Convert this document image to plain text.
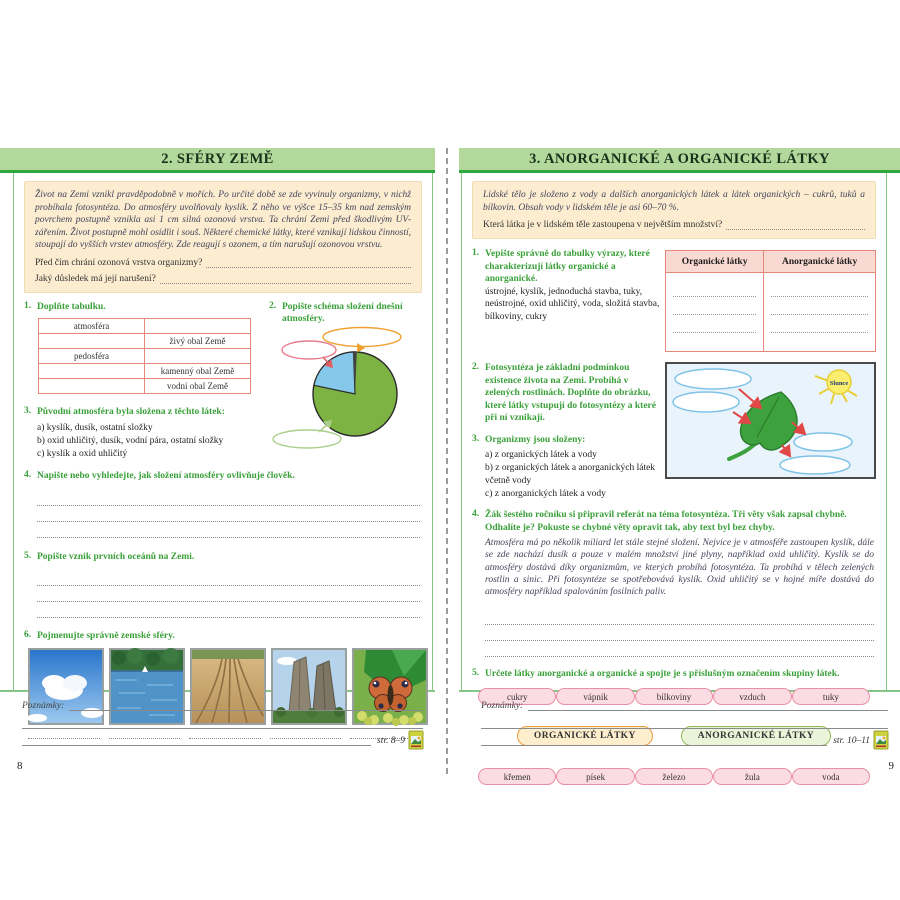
2. SFÉRY ZEMĚ
Život na Zemi vznikl pravděpodobně v mořích. Po určité době se zde vyvinuly organizmy, v nichž probíhala fotosyntéza. Do atmosféry uvolňovaly kyslík. Z něho ve výšce 15–35 km nad zemským povrchem postupně vznikla asi 1 cm silná ozonová vrstva. Ta chrání Zemi před škodlivým UV-zářením. Život postupně mohl osídlit i souš. Některé chemické látky, které vznikají lidskou činností, stoupají do vyšších vrstev atmosféry. Zde reagují s ozonem, a tím narušují ozonovou vrstvu.
Před čím chrání ozonová vrstva organizmy?
Jaký důsledek má její narušení?
1. Doplňte tabulku.
atmosféra	
	živý obal Země
pedosféra	
	kamenný obal Země
	vodní obal Země
3. Původní atmosféra byla složena z těchto látek:
a) kyslík, dusík, ostatní složky
b) oxid uhličitý, dusík, vodní pára, ostatní složky
c) kyslík a oxid uhličitý
2. Popište schéma složení dnešní atmosféry.
4. Napište nebo vyhledejte, jak složení atmosféry ovlivňuje člověk.
5. Popište vznik prvních oceánů na Zemi.
6. Pojmenujte správně zemské sféry.
Poznámky:
str. 8–9
8
3. ANORGANICKÉ A ORGANICKÉ LÁTKY
Lidské tělo je složeno z vody a dalších anorganických látek a látek organických – cukrů, tuků a bílkovin. Obsah vody v lidském těle je asi 60–70 %.
Která látka je v lidském těle zastoupena v největším množství?
1. Vepište správně do tabulky výrazy, které charakterizují látky organické a anorganické.
ústrojné, kyslík, jednoduchá stavba, tuky, neústrojné, oxid uhličitý, voda, složitá stavba, bílkoviny, cukry
Organické látky	Anorganické látky

2. Fotosyntéza je základní podmínkou existence života na Zemi. Probíhá v zelených rostlinách. Doplňte do obrázku, které látky vstupují do fotosyntézy a které při ní vznikají.
3. Organizmy jsou složeny:
a) z organických látek a vody
b) z organických látek a anorganických látek včetně vody
c) z anorganických látek a vody
Slunce
4. Žák šestého ročníku si připravil referát na téma fotosyntéza. Tři věty však zapsal chybně. Odhalíte je? Pokuste se chybné věty opravit tak, aby text byl bez chyby.
Atmosféra má po několik miliard let stále stejné složení. Nejvíce je v atmosféře zastoupen kyslík, dále se zde nachází dusík a pouze v malém množství jiné plyny, například oxid uhličitý. Kyslík se do atmosféry dostává díky organizmům, ve kterých probíhá fotosyntéza. Ta probíhá v tělech zelených rostlin a sinic. Při fotosyntéze se spotřebovává kyslík. Oxid uhličitý se v hojné míře dostává do atmosféry například spalováním fosilních paliv.
5. Určete látky anorganické a organické a spojte je s příslušným označením skupiny látek.
cukry	vápník	bílkoviny	vzduch	tuky
ORGANICKÉ LÁTKY	ANORGANICKÉ LÁTKY
křemen	písek	železo	žula	voda
Poznámky:
str. 10–11
9
